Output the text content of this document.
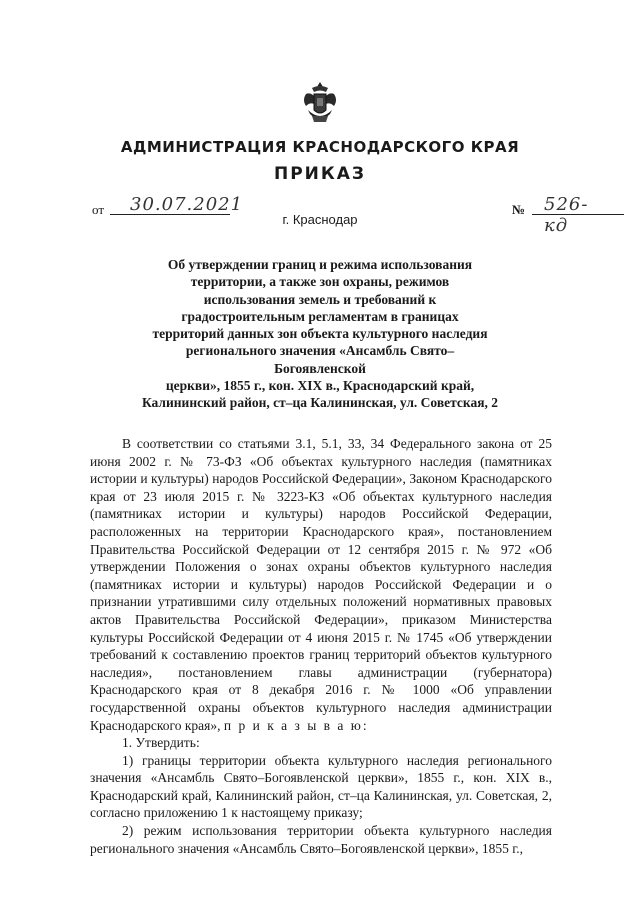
АДМИНИСТРАЦИЯ КРАСНОДАРСКОГО КРАЯ
ПРИКАЗ
от 30.07.2021	№ 526-кд
г. Краснодар
Об утверждении границ и режима использования
территории, а также зон охраны, режимов
использования земель и требований к
градостроительным регламентам в границах
территорий данных зон объекта культурного наследия
регионального значения «Ансамбль Свято–Богоявленской
церкви», 1855 г., кон. XIX в., Краснодарский край,
Калининский район, ст–ца Калининская, ул. Советская, 2

В соответствии со статьями 3.1, 5.1, 33, 34 Федерального закона от 25 июня 2002 г. № 73-ФЗ «Об объектах культурного наследия (памятниках истории и культуры) народов Российской Федерации», Законом Краснодарского края от 23 июля 2015 г. № 3223-КЗ «Об объектах культурного наследия (памятниках истории и культуры) народов Российской Федерации, расположенных на территории Краснодарского края», постановлением Правительства Российской Федерации от 12 сентября 2015 г. № 972 «Об утверждении Положения о зонах охраны объектов культурного наследия (памятниках истории и культуры) народов Российской Федерации и о признании утратившими силу отдельных положений нормативных правовых актов Правительства Российской Федерации», приказом Министерства культуры Российской Федерации от 4 июня 2015 г. № 1745 «Об утверждении требований к составлению проектов границ территорий объектов культурного наследия», постановлением главы администрации (губернатора) Краснодарского края от 8 декабря 2016 г. № 1000 «Об управлении государственной охраны объектов культурного наследия администрации Краснодарского края», п р и к а з ы в а ю:

1. Утвердить:

1) границы территории объекта культурного наследия регионального значения «Ансамбль Свято–Богоявленской церкви», 1855 г., кон. XIX в., Краснодарский край, Калининский район, ст–ца Калининская, ул. Советская, 2, согласно приложению 1 к настоящему приказу;

2) режим использования территории объекта культурного наследия регионального значения «Ансамбль Свято–Богоявленской церкви», 1855 г.,
